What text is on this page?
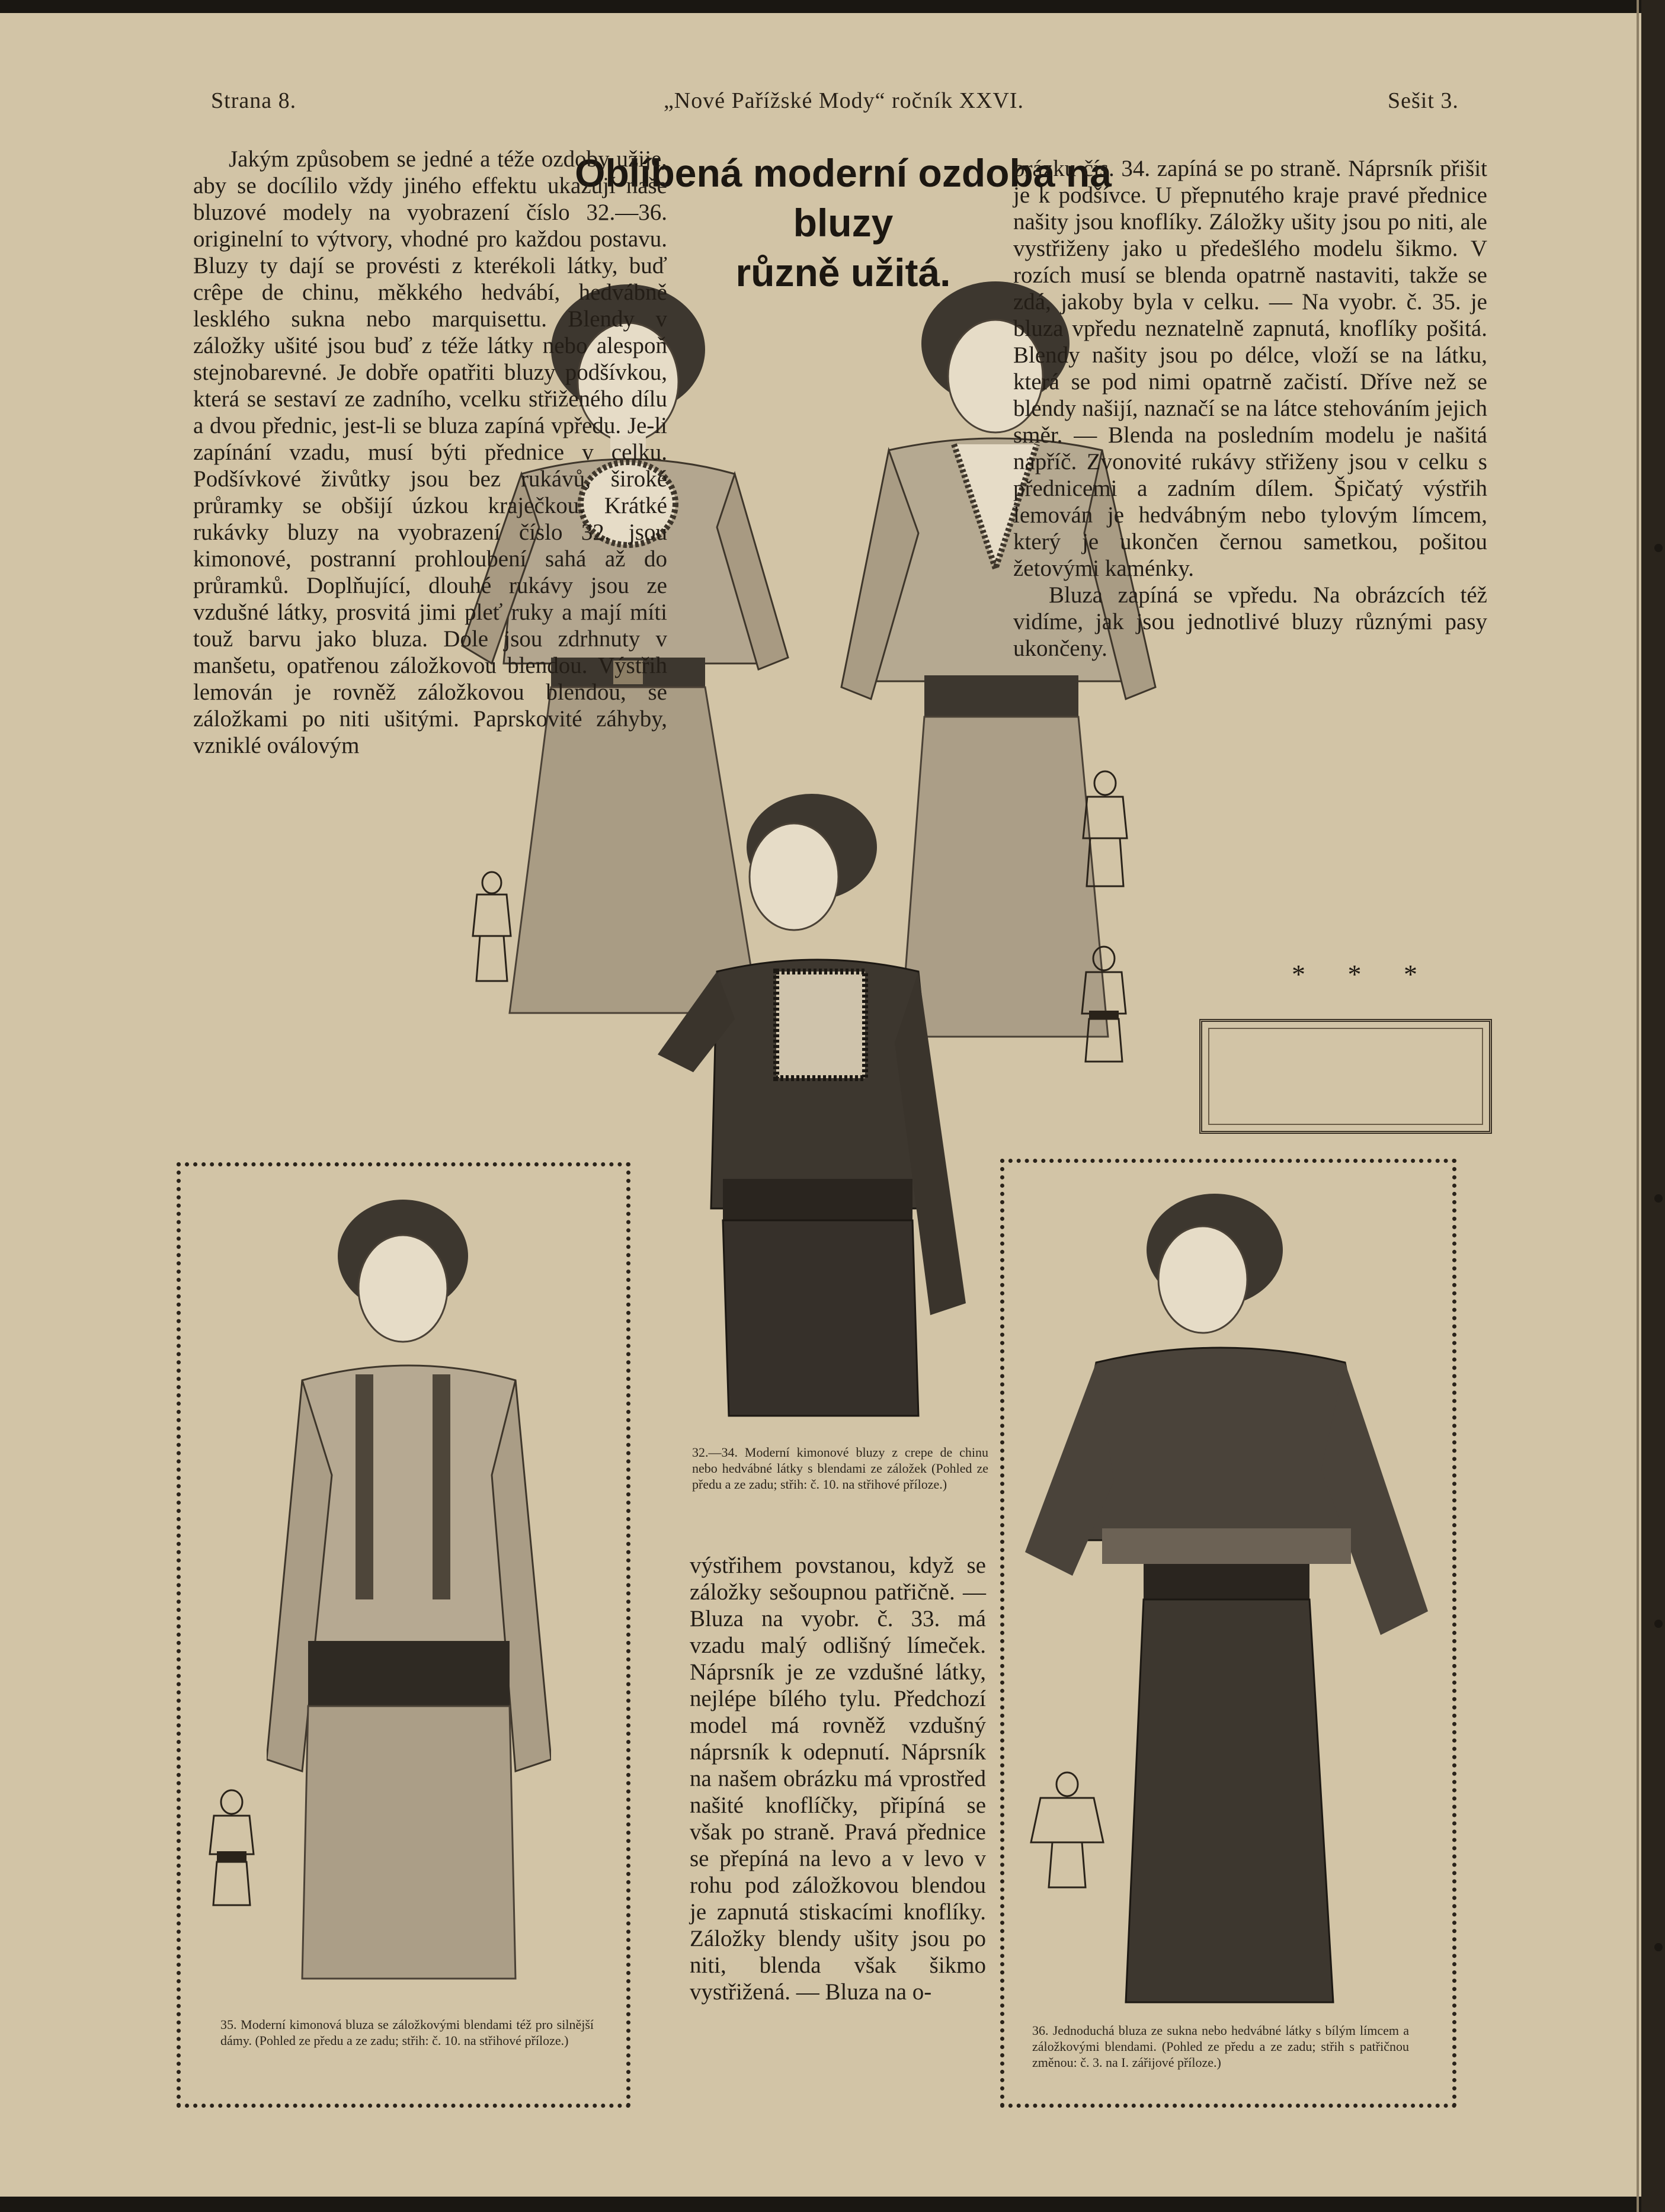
Strana 8.	„Nové Pařížské Mody“ ročník XXVI.	Sešit 3.
Oblíbená moderní ozdoba na bluzy
různě užitá.

Jakým způsobem se jedné a téže ozdoby užije, aby se docílilo vždy jiného effektu ukazují naše bluzové modely na vyobrazení číslo 32.—36. originelní to výtvory, vhodné pro každou postavu. Bluzy ty dají se provésti z kterékoli látky, buď crêpe de chinu, měkkého hedvábí, hedvábně lesklého sukna nebo marquisettu. Blendy v záložky ušité jsou buď z téže látky nebo alespoň stejnobarevné. Je dobře opatřiti bluzy podšívkou, která se sestaví ze zadního, vcelku střiženého dílu a dvou přednic, jest-li se bluza zapíná vpředu. Je-li zapínání vzadu, musí býti přednice v celku. Podšívkové živůtky jsou bez rukávů, široké průramky se obšijí úzkou kraječkou. Krátké rukávky bluzy na vyobrazení číslo 32. jsou kimonové, postranní prohloubení sahá až do průramků. Doplňující, dlouhé rukávy jsou ze vzdušné látky, prosvitá jimi pleť ruky a mají míti touž barvu jako bluza. Dole jsou zdrhnuty v manšetu, opatřenou záložkovou blendou. Výstřih lemován je rovněž záložkovou blendou, se záložkami po niti ušitými. Paprskovité záhyby, vzniklé oválovým

brázku čís. 34. zapíná se po straně. Náprsník přišit je k podšívce. U přepnutého kraje pravé přednice našity jsou knoflíky. Záložky ušity jsou po niti, ale vystřiženy jako u předešlého modelu šikmo. V rozích musí se blenda opatrně nastaviti, takže se zdá, jakoby byla v celku. — Na vyobr. č. 35. je bluza vpředu neznatelně zapnutá, knoflíky pošitá. Blendy našity jsou po délce, vloží se na látku, která se pod nimi opatrně začistí. Dříve než se blendy našijí, naznačí se na látce stehováním jejich směr. — Blenda na posledním modelu je našitá napříč. Zvonovité rukávy střiženy jsou v celku s přednicemi a zadním dílem. Špičatý výstřih lemován je hedvábným nebo tylovým límcem, který je ukončen černou sametkou, pošitou žetovými kaménky.

Bluza zapíná se vpředu. Na obrázcích též vidíme, jak jsou jednotlivé bluzy různými pasy ukončeny.

* * *

výstřihem povstanou, když se záložky sešoupnou patřičně. — Bluza na vyobr. č. 33. má vzadu malý odlišný límeček. Náprsník je ze vzdušné látky, nejlépe bílého tylu. Předchozí model má rovněž vzdušný náprsník k odepnutí. Náprsník na našem obrázku má vprostřed našité knoflíčky, připíná se však po straně. Pravá přednice se přepíná na levo a v levo v rohu pod záložkovou blendou je zapnutá stiskacími knoflíky. Záložky blendy ušity jsou po niti, blenda však šikmo vystřižená. — Bluza na o-

32.—34. Moderní kimonové bluzy z crepe de chinu nebo hedvábné látky s blendami ze záložek (Pohled ze předu a ze zadu; střih: č. 10. na střihové příloze.)
35. Moderní kimonová bluza se záložkovými blendami též pro silnější dámy. (Pohled ze předu a ze zadu; střih: č. 10. na střihové příloze.)
36. Jednoduchá bluza ze sukna nebo hedvábné látky s bílým límcem a záložkovými blendami. (Pohled ze předu a ze zadu; střih s patřičnou změnou: č. 3. na I. zářijové příloze.)
